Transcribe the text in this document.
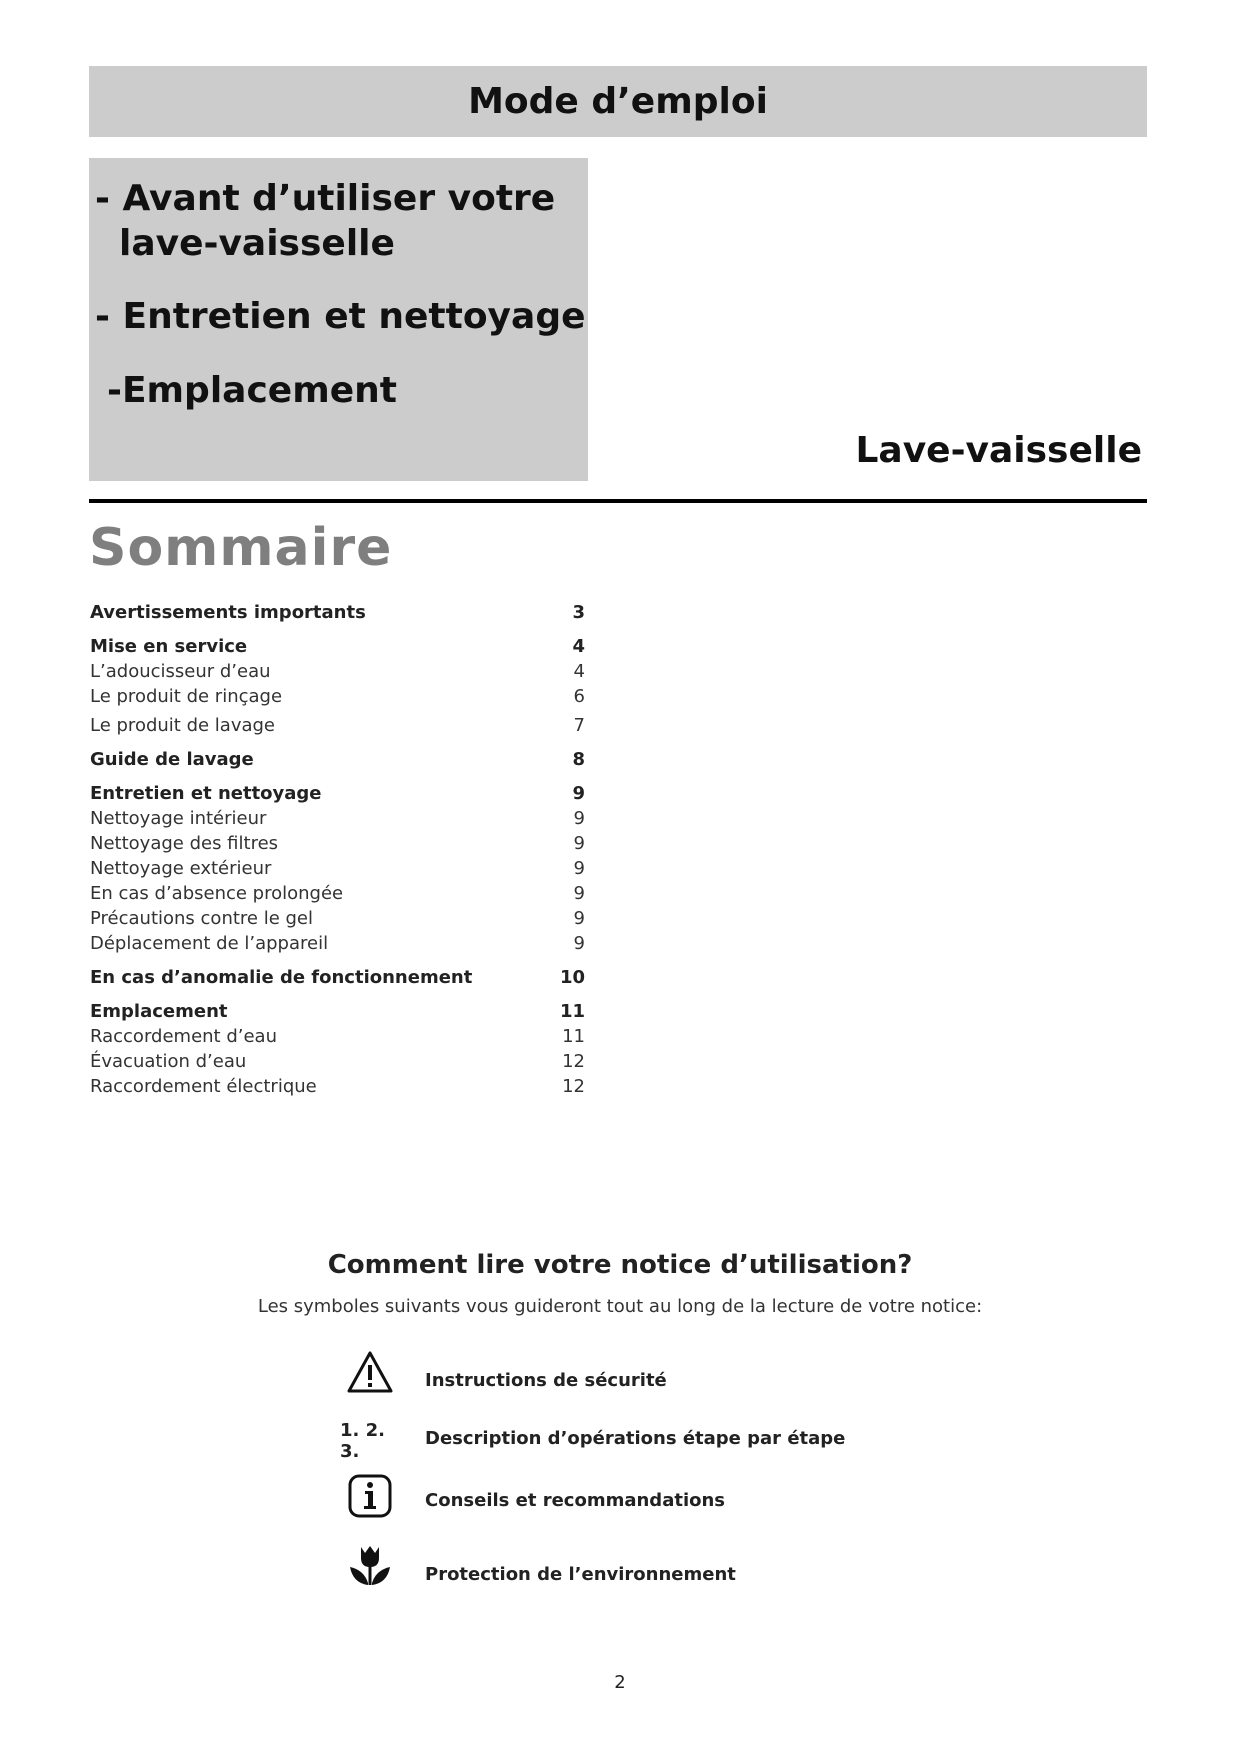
Mode d’emploi
- Avant d’utiliser votre
lave-vaisselle
- Entretien et nettoyage
-Emplacement
Lave-vaisselle
Sommaire
Avertissements importants	3
Mise en service	4
L’adoucisseur d’eau	4
Le produit de rinçage	6
Le produit de lavage	7
Guide de lavage	8
Entretien et nettoyage	9
Nettoyage intérieur	9
Nettoyage des filtres	9
Nettoyage extérieur	9
En cas d’absence prolongée	9
Précautions contre le gel	9
Déplacement de l’appareil	9
En cas d’anomalie de fonctionnement	10
Emplacement	11
Raccordement d’eau	11
Évacuation d’eau	12
Raccordement électrique	12
Comment lire votre notice d’utilisation?
Les symboles suivants vous guideront tout au long de la lecture de votre notice:
Instructions de sécurité
1. 2. 3.
Description d’opérations étape par étape
Conseils et recommandations
Protection de l’environnement
2
